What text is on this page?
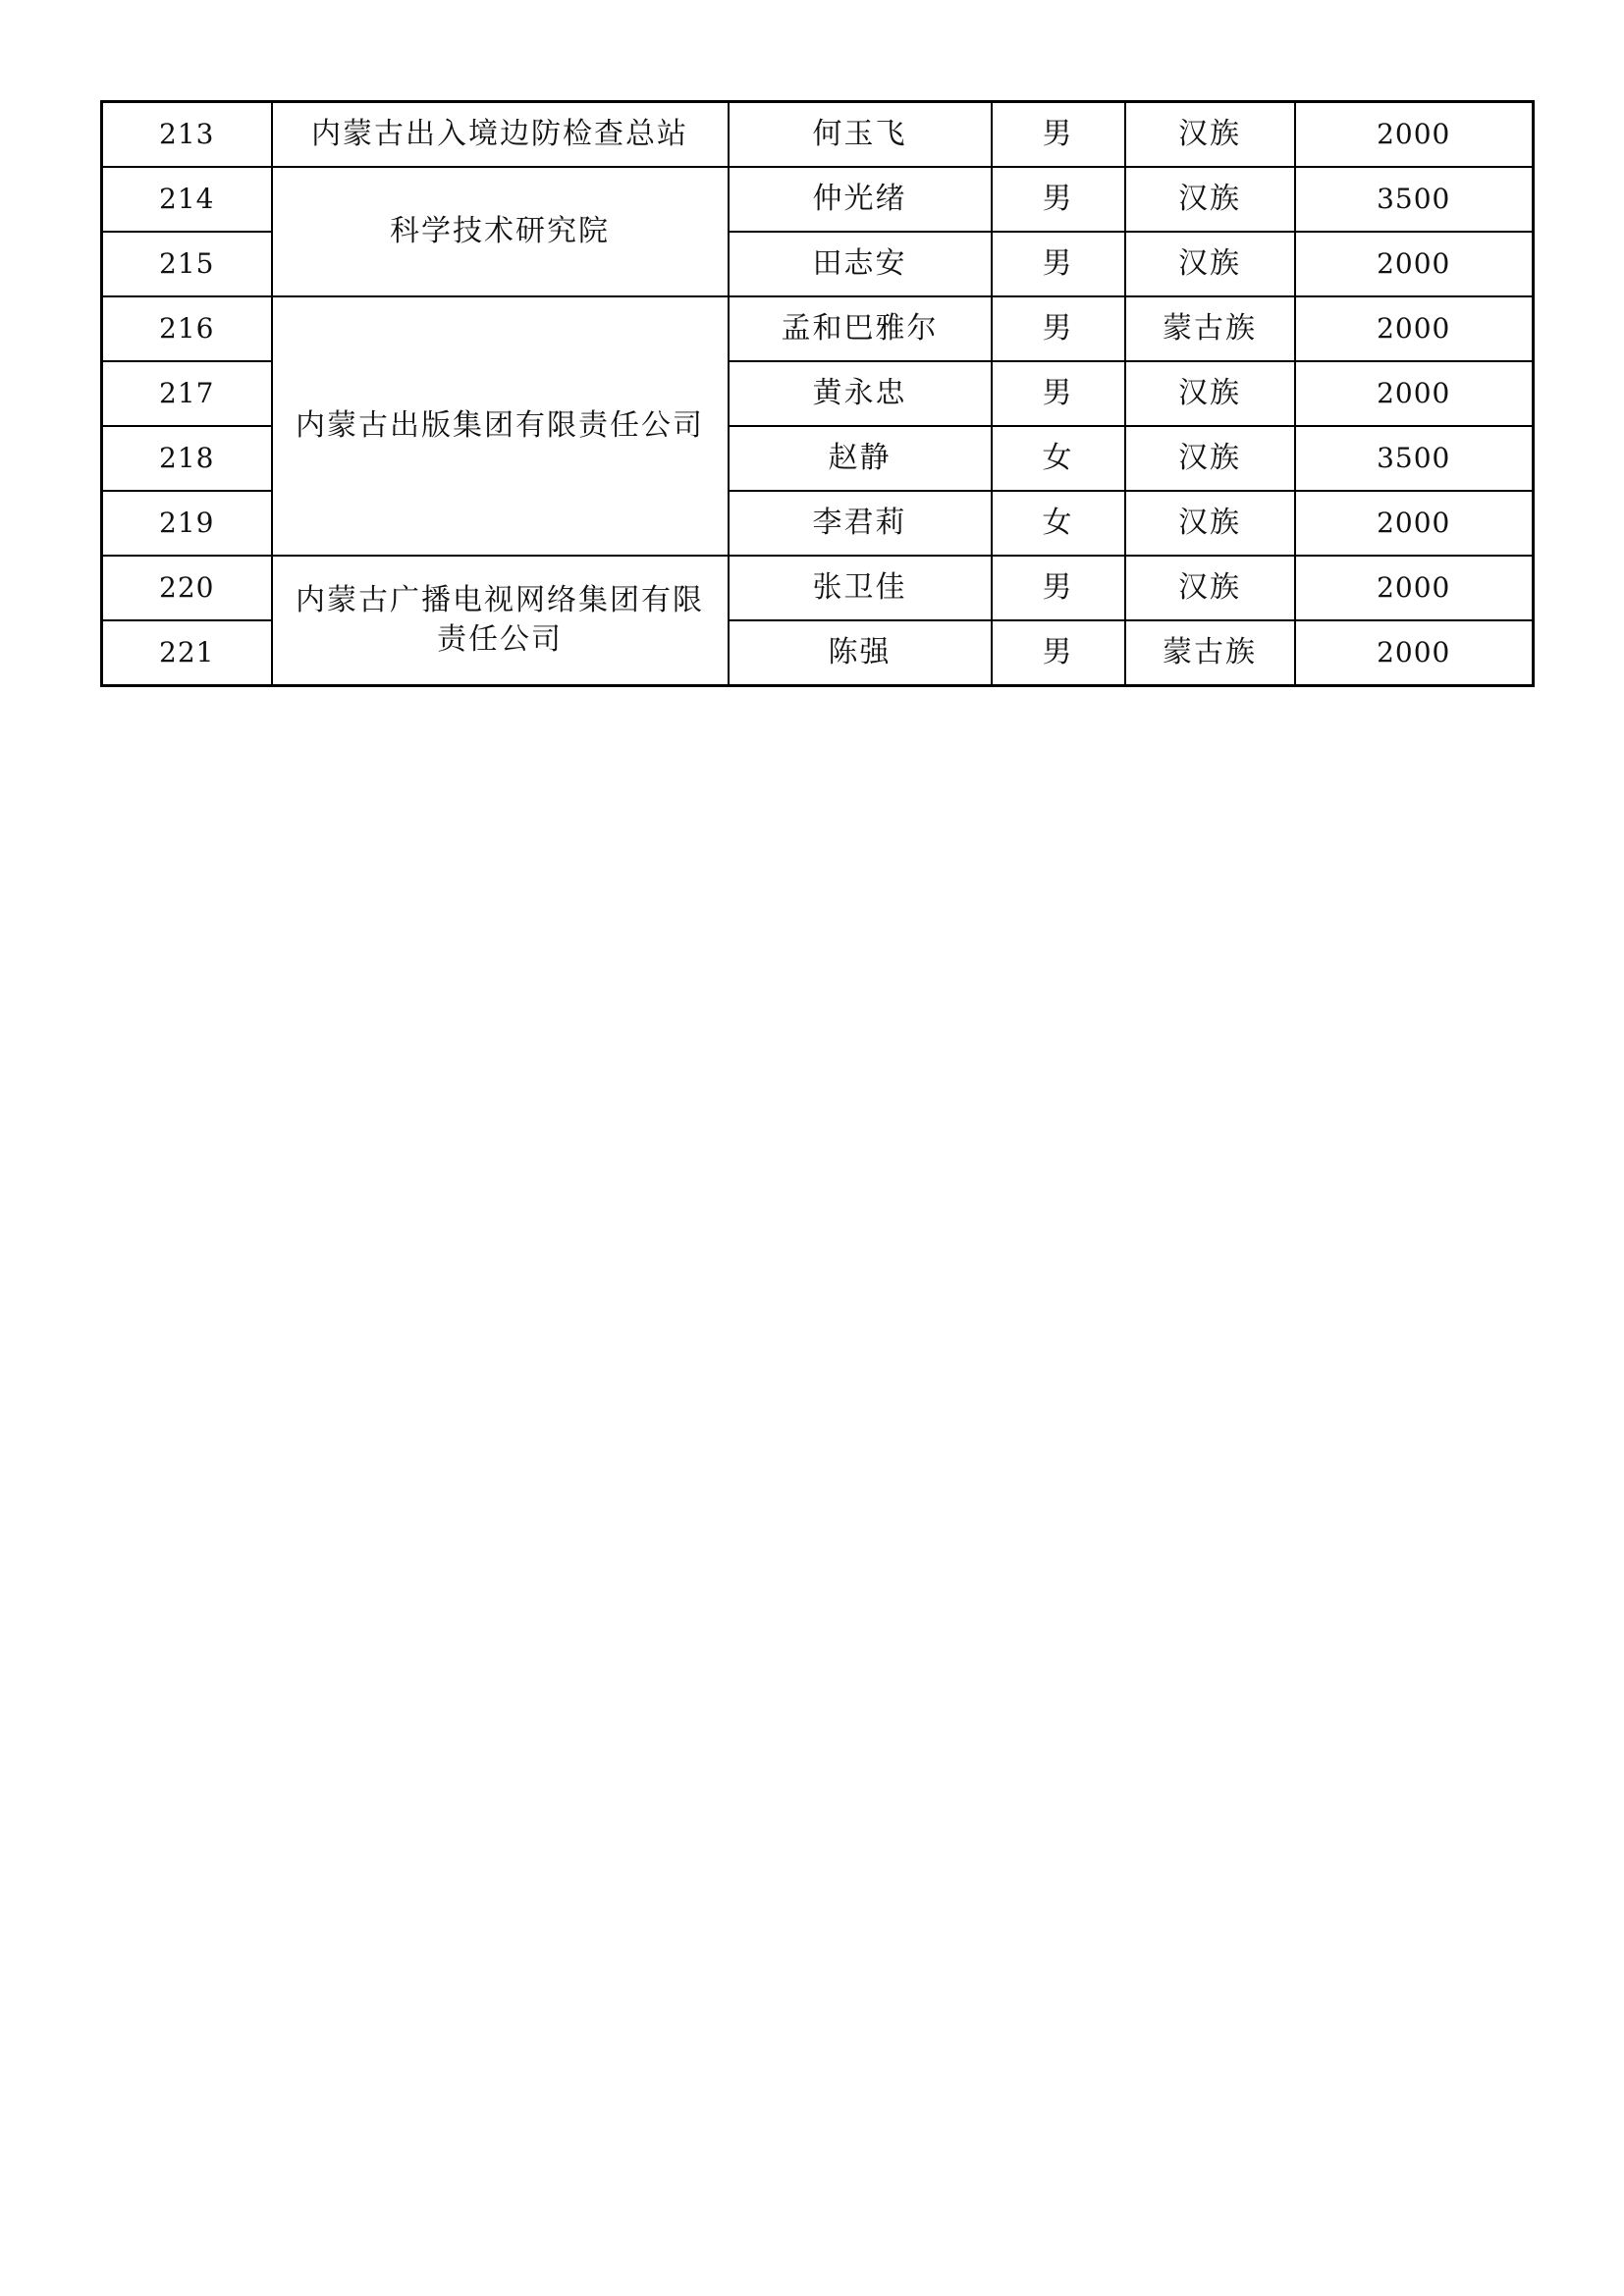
213	内蒙古出入境边防检查总站	何玉飞	男	汉族	2000
214	科学技术研究院	仲光绪	男	汉族	3500
215		田志安	男	汉族	2000
216	内蒙古出版集团有限责任公司	孟和巴雅尔	男	蒙古族	2000
217		黄永忠	男	汉族	2000
218		赵静	女	汉族	3500
219		李君莉	女	汉族	2000
220	内蒙古广播电视网络集团有限责任公司	张卫佳	男	汉族	2000
221		陈强	男	蒙古族	2000
